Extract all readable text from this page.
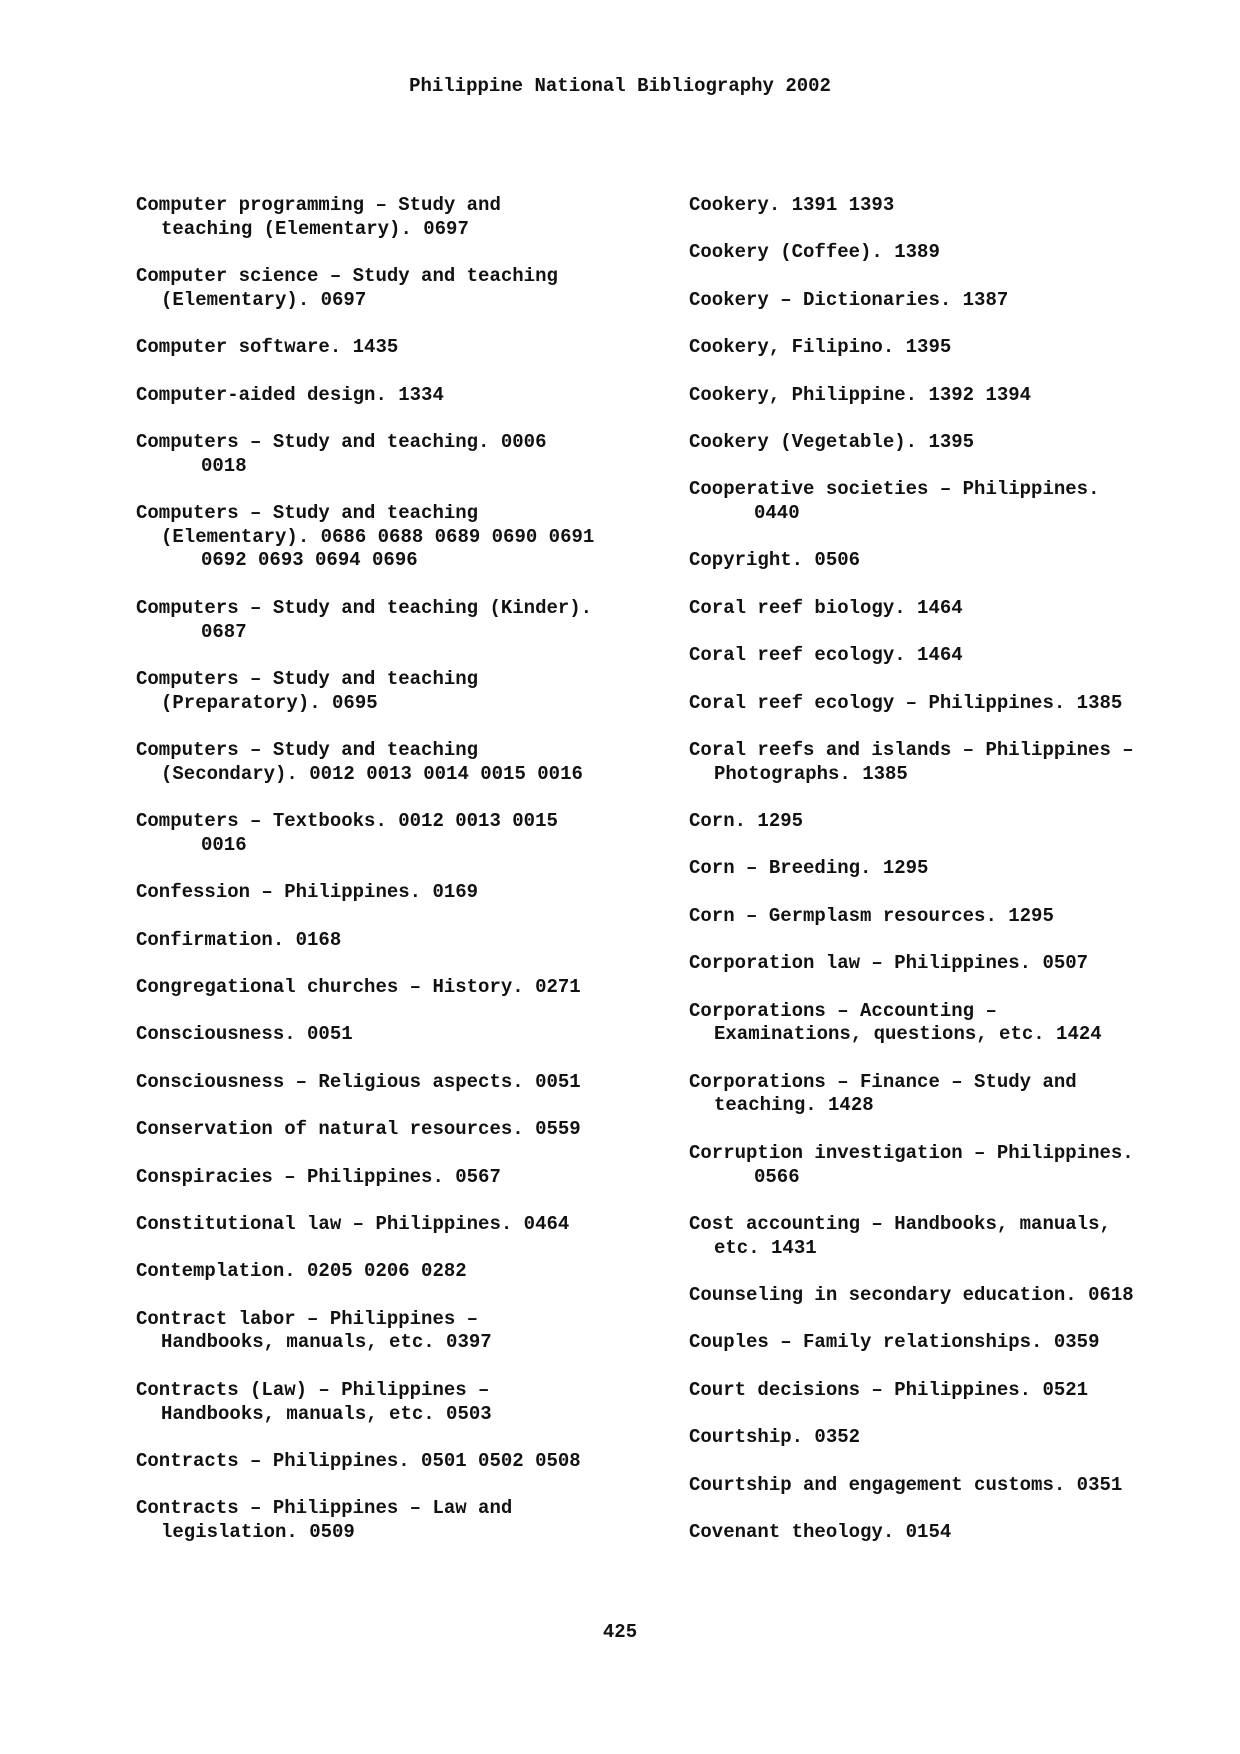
Philippine National Bibliography 2002
Computer programming – Study and
teaching (Elementary). 0697
Computer science – Study and teaching
(Elementary). 0697
Computer software. 1435
Computer-aided design. 1334
Computers – Study and teaching. 0006
0018
Computers – Study and teaching
(Elementary). 0686 0688 0689 0690 0691
0692 0693 0694 0696
Computers – Study and teaching (Kinder).
0687
Computers – Study and teaching
(Preparatory). 0695
Computers – Study and teaching
(Secondary). 0012 0013 0014 0015 0016
Computers – Textbooks. 0012 0013 0015
0016
Confession – Philippines. 0169
Confirmation. 0168
Congregational churches – History. 0271
Consciousness. 0051
Consciousness – Religious aspects. 0051
Conservation of natural resources. 0559
Conspiracies – Philippines. 0567
Constitutional law – Philippines. 0464
Contemplation. 0205 0206 0282
Contract labor – Philippines –
Handbooks, manuals, etc. 0397
Contracts (Law) – Philippines –
Handbooks, manuals, etc. 0503
Contracts – Philippines. 0501 0502 0508
Contracts – Philippines – Law and
legislation. 0509
Cookery. 1391 1393
Cookery (Coffee). 1389
Cookery – Dictionaries. 1387
Cookery, Filipino. 1395
Cookery, Philippine. 1392 1394
Cookery (Vegetable). 1395
Cooperative societies – Philippines.
0440
Copyright. 0506
Coral reef biology. 1464
Coral reef ecology. 1464
Coral reef ecology – Philippines. 1385
Coral reefs and islands – Philippines –
Photographs. 1385
Corn. 1295
Corn – Breeding. 1295
Corn – Germplasm resources. 1295
Corporation law – Philippines. 0507
Corporations – Accounting –
Examinations, questions, etc. 1424
Corporations – Finance – Study and
teaching. 1428
Corruption investigation – Philippines.
0566
Cost accounting – Handbooks, manuals,
etc. 1431
Counseling in secondary education. 0618
Couples – Family relationships. 0359
Court decisions – Philippines. 0521
Courtship. 0352
Courtship and engagement customs. 0351
Covenant theology. 0154
425
